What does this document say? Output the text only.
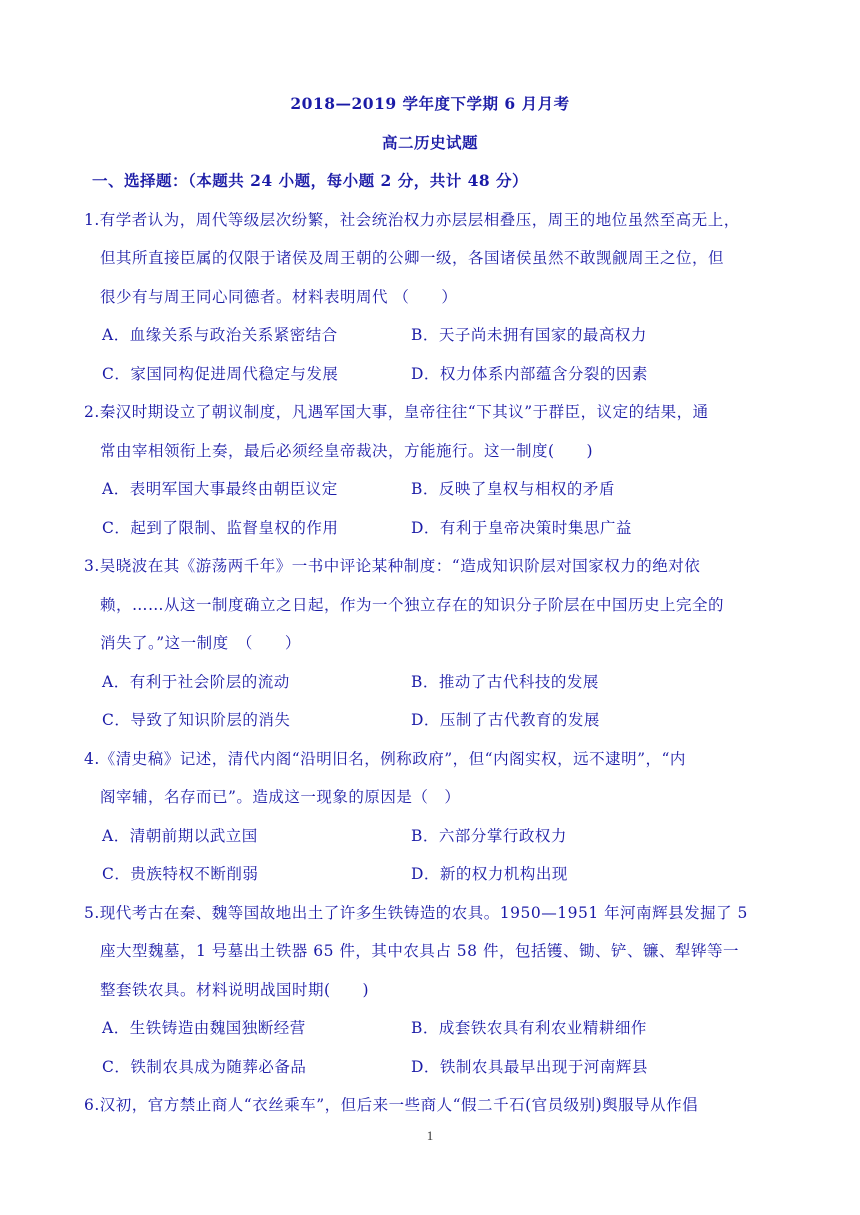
2018—2019 学年度下学期 6 月月考
高二历史试题
一、选择题：（本题共 24 小题，每小题 2 分，共计 48 分）
1.有学者认为，周代等级层次纷繁，社会统治权力亦层层相叠压，周王的地位虽然至高无上，
但其所直接臣属的仅限于诸侯及周王朝的公卿一级，各国诸侯虽然不敢觊觎周王之位，但
很少有与周王同心同德者。材料表明周代 （　　）
A．血缘关系与政治关系紧密结合	B．天子尚未拥有国家的最高权力
C．家国同构促进周代稳定与发展	D．权力体系内部蕴含分裂的因素
2.秦汉时期设立了朝议制度，凡遇军国大事，皇帝往往“下其议”于群臣，议定的结果，通
常由宰相领衔上奏，最后必须经皇帝裁决，方能施行。这一制度(　　)
A．表明军国大事最终由朝臣议定	B．反映了皇权与相权的矛盾
C．起到了限制、监督皇权的作用	D．有利于皇帝决策时集思广益
3.吴晓波在其《游荡两千年》一书中评论某种制度：“造成知识阶层对国家权力的绝对依
赖，……从这一制度确立之日起，作为一个独立存在的知识分子阶层在中国历史上完全的
消失了。”这一制度　（　　）
A．有利于社会阶层的流动	B．推动了古代科技的发展
C．导致了知识阶层的消失	D．压制了古代教育的发展
4.《清史稿》记述，清代内阁“沿明旧名，例称政府”，但“内阁实权，远不逮明”，“内
阁宰辅，名存而已”。造成这一现象的原因是（　）
A．清朝前期以武立国	B．六部分掌行政权力
C．贵族特权不断削弱	D．新的权力机构出现
5.现代考古在秦、魏等国故地出土了许多生铁铸造的农具。1950—1951 年河南辉县发掘了 5
座大型魏墓，1 号墓出土铁器 65 件，其中农具占 58 件，包括镬、锄、铲、镰、犁铧等一
整套铁农具。材料说明战国时期(　　)
A．生铁铸造由魏国独断经营	B．成套铁农具有利农业精耕细作
C．铁制农具成为随葬必备品	D．铁制农具最早出现于河南辉县
6.汉初，官方禁止商人“衣丝乘车”，但后来一些商人“假二千石(官员级别)舆服导从作倡
1
